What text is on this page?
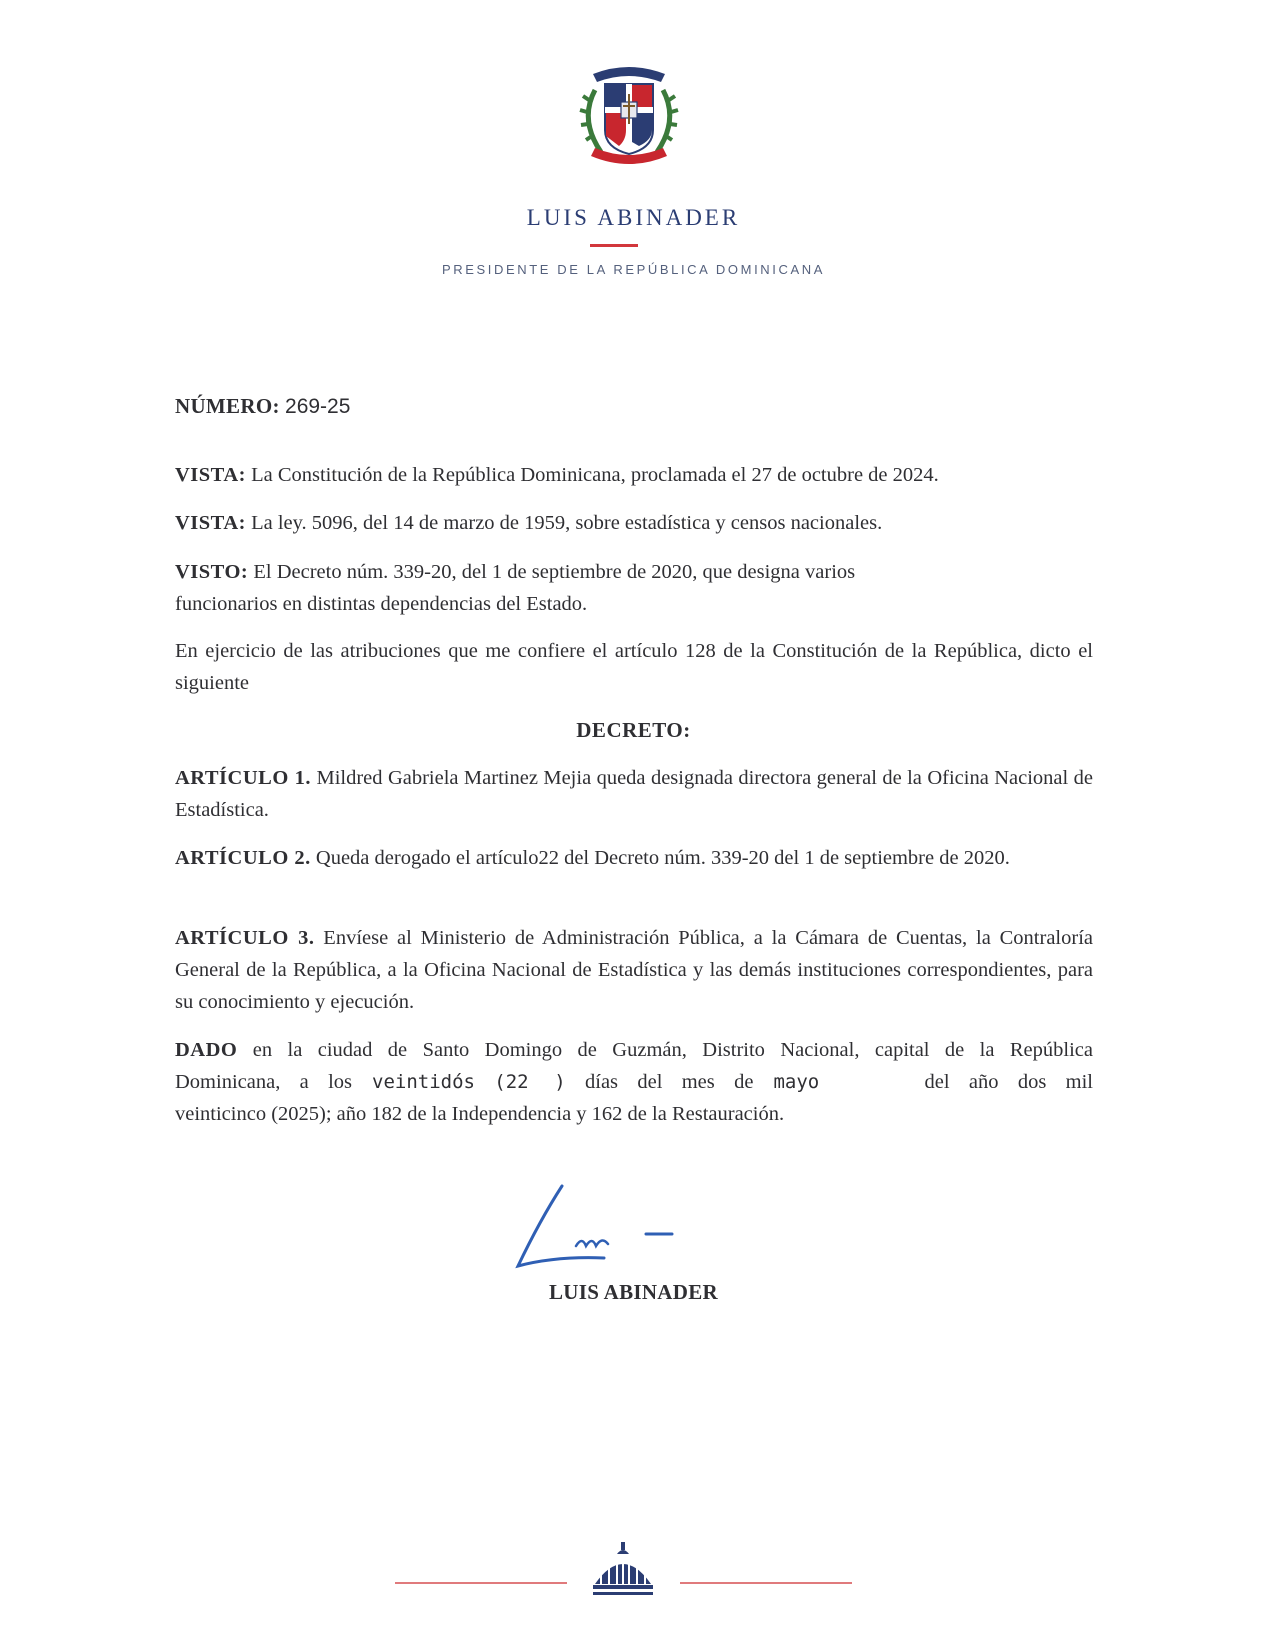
LUIS ABINADER
PRESIDENTE DE LA REPÚBLICA DOMINICANA
NÚMERO: 269-25
VISTA: La Constitución de la República Dominicana, proclamada el 27 de octubre de 2024.
VISTA: La ley. 5096, del 14 de marzo de 1959, sobre estadística y censos nacionales.
VISTO: El Decreto núm. 339-20, del 1 de septiembre de 2020, que designa varios
funcionarios en distintas dependencias del Estado.
En ejercicio de las atribuciones que me confiere el artículo 128 de la Constitución de la República, dicto el siguiente
DECRETO:
ARTÍCULO 1. Mildred Gabriela Martinez Mejia queda designada directora general de la Oficina Nacional de Estadística.
ARTÍCULO 2. Queda derogado el artículo22 del Decreto núm. 339-20 del 1 de septiembre de 2020.
ARTÍCULO 3. Envíese al Ministerio de Administración Pública, a la Cámara de Cuentas, la Contraloría General de la República, a la Oficina Nacional de Estadística y las demás instituciones correspondientes, para su conocimiento y ejecución.
DADO en la ciudad de Santo Domingo de Guzmán, Distrito Nacional, capital de la República
Dominicana, a los veintidós (22 ) días del mes de mayo	del año dos mil
veinticinco (2025); año 182 de la Independencia y 162 de la Restauración.
LUIS ABINADER
